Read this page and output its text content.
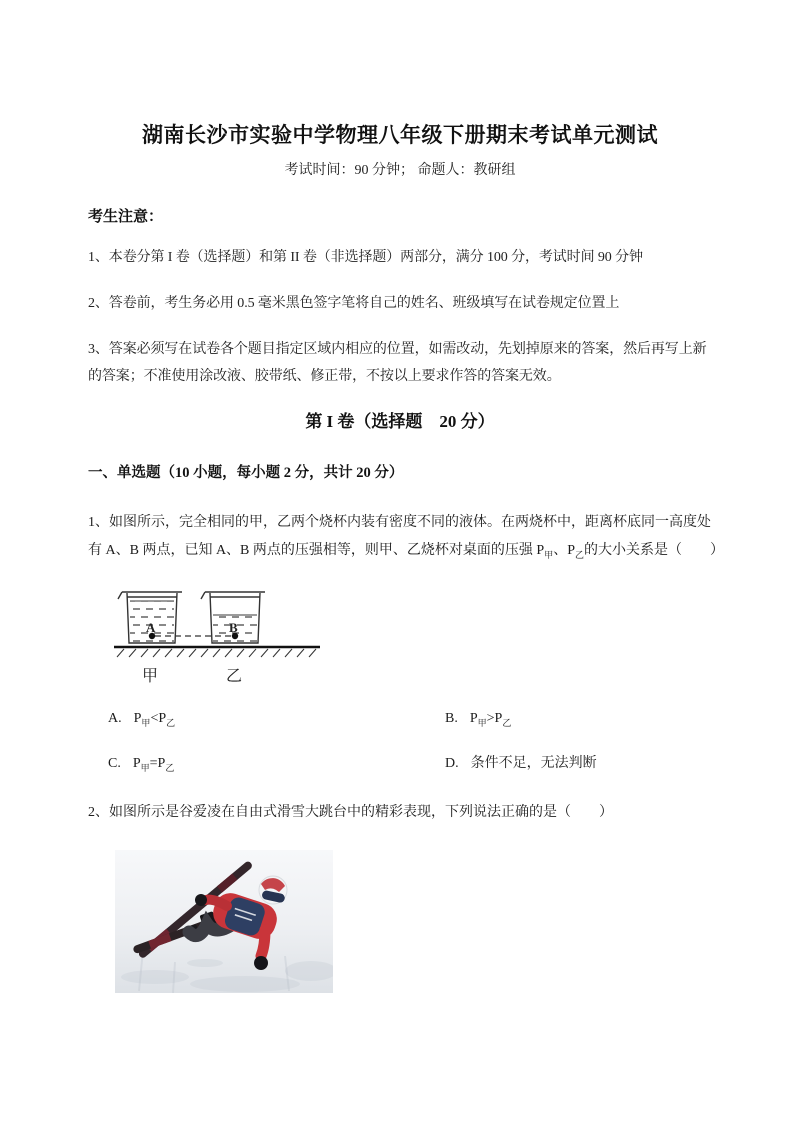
湖南长沙市实验中学物理八年级下册期末考试单元测试
考试时间：90 分钟； 命题人：教研组
考生注意：

1、本卷分第 I 卷（选择题）和第 II 卷（非选择题）两部分，满分 100 分，考试时间 90 分钟

2、答卷前，考生务必用 0.5 毫米黑色签字笔将自己的姓名、班级填写在试卷规定位置上

3、答案必须写在试卷各个题目指定区域内相应的位置，如需改动，先划掉原来的答案，然后再写上新的答案；不准使用涂改液、胶带纸、修正带，不按以上要求作答的答案无效。

第 I 卷（选择题　20 分）
一、单选题（10 小题，每小题 2 分，共计 20 分）
1、如图所示，完全相同的甲，乙两个烧杯内装有密度不同的液体。在两烧杯中，距离杯底同一高度处
有 A、B 两点，已知 A、B 两点的压强相等，则甲、乙烧杯对桌面的压强 $P_甲$、$P_乙$的大小关系是（　　）
A	B
甲	乙
A. $P_甲<P_乙$	B. $P_甲>P_乙$
C. $P_甲=P_乙$	D. 条件不足，无法判断
2、如图所示是谷爱凌在自由式滑雪大跳台中的精彩表现，下列说法正确的是（　　）
